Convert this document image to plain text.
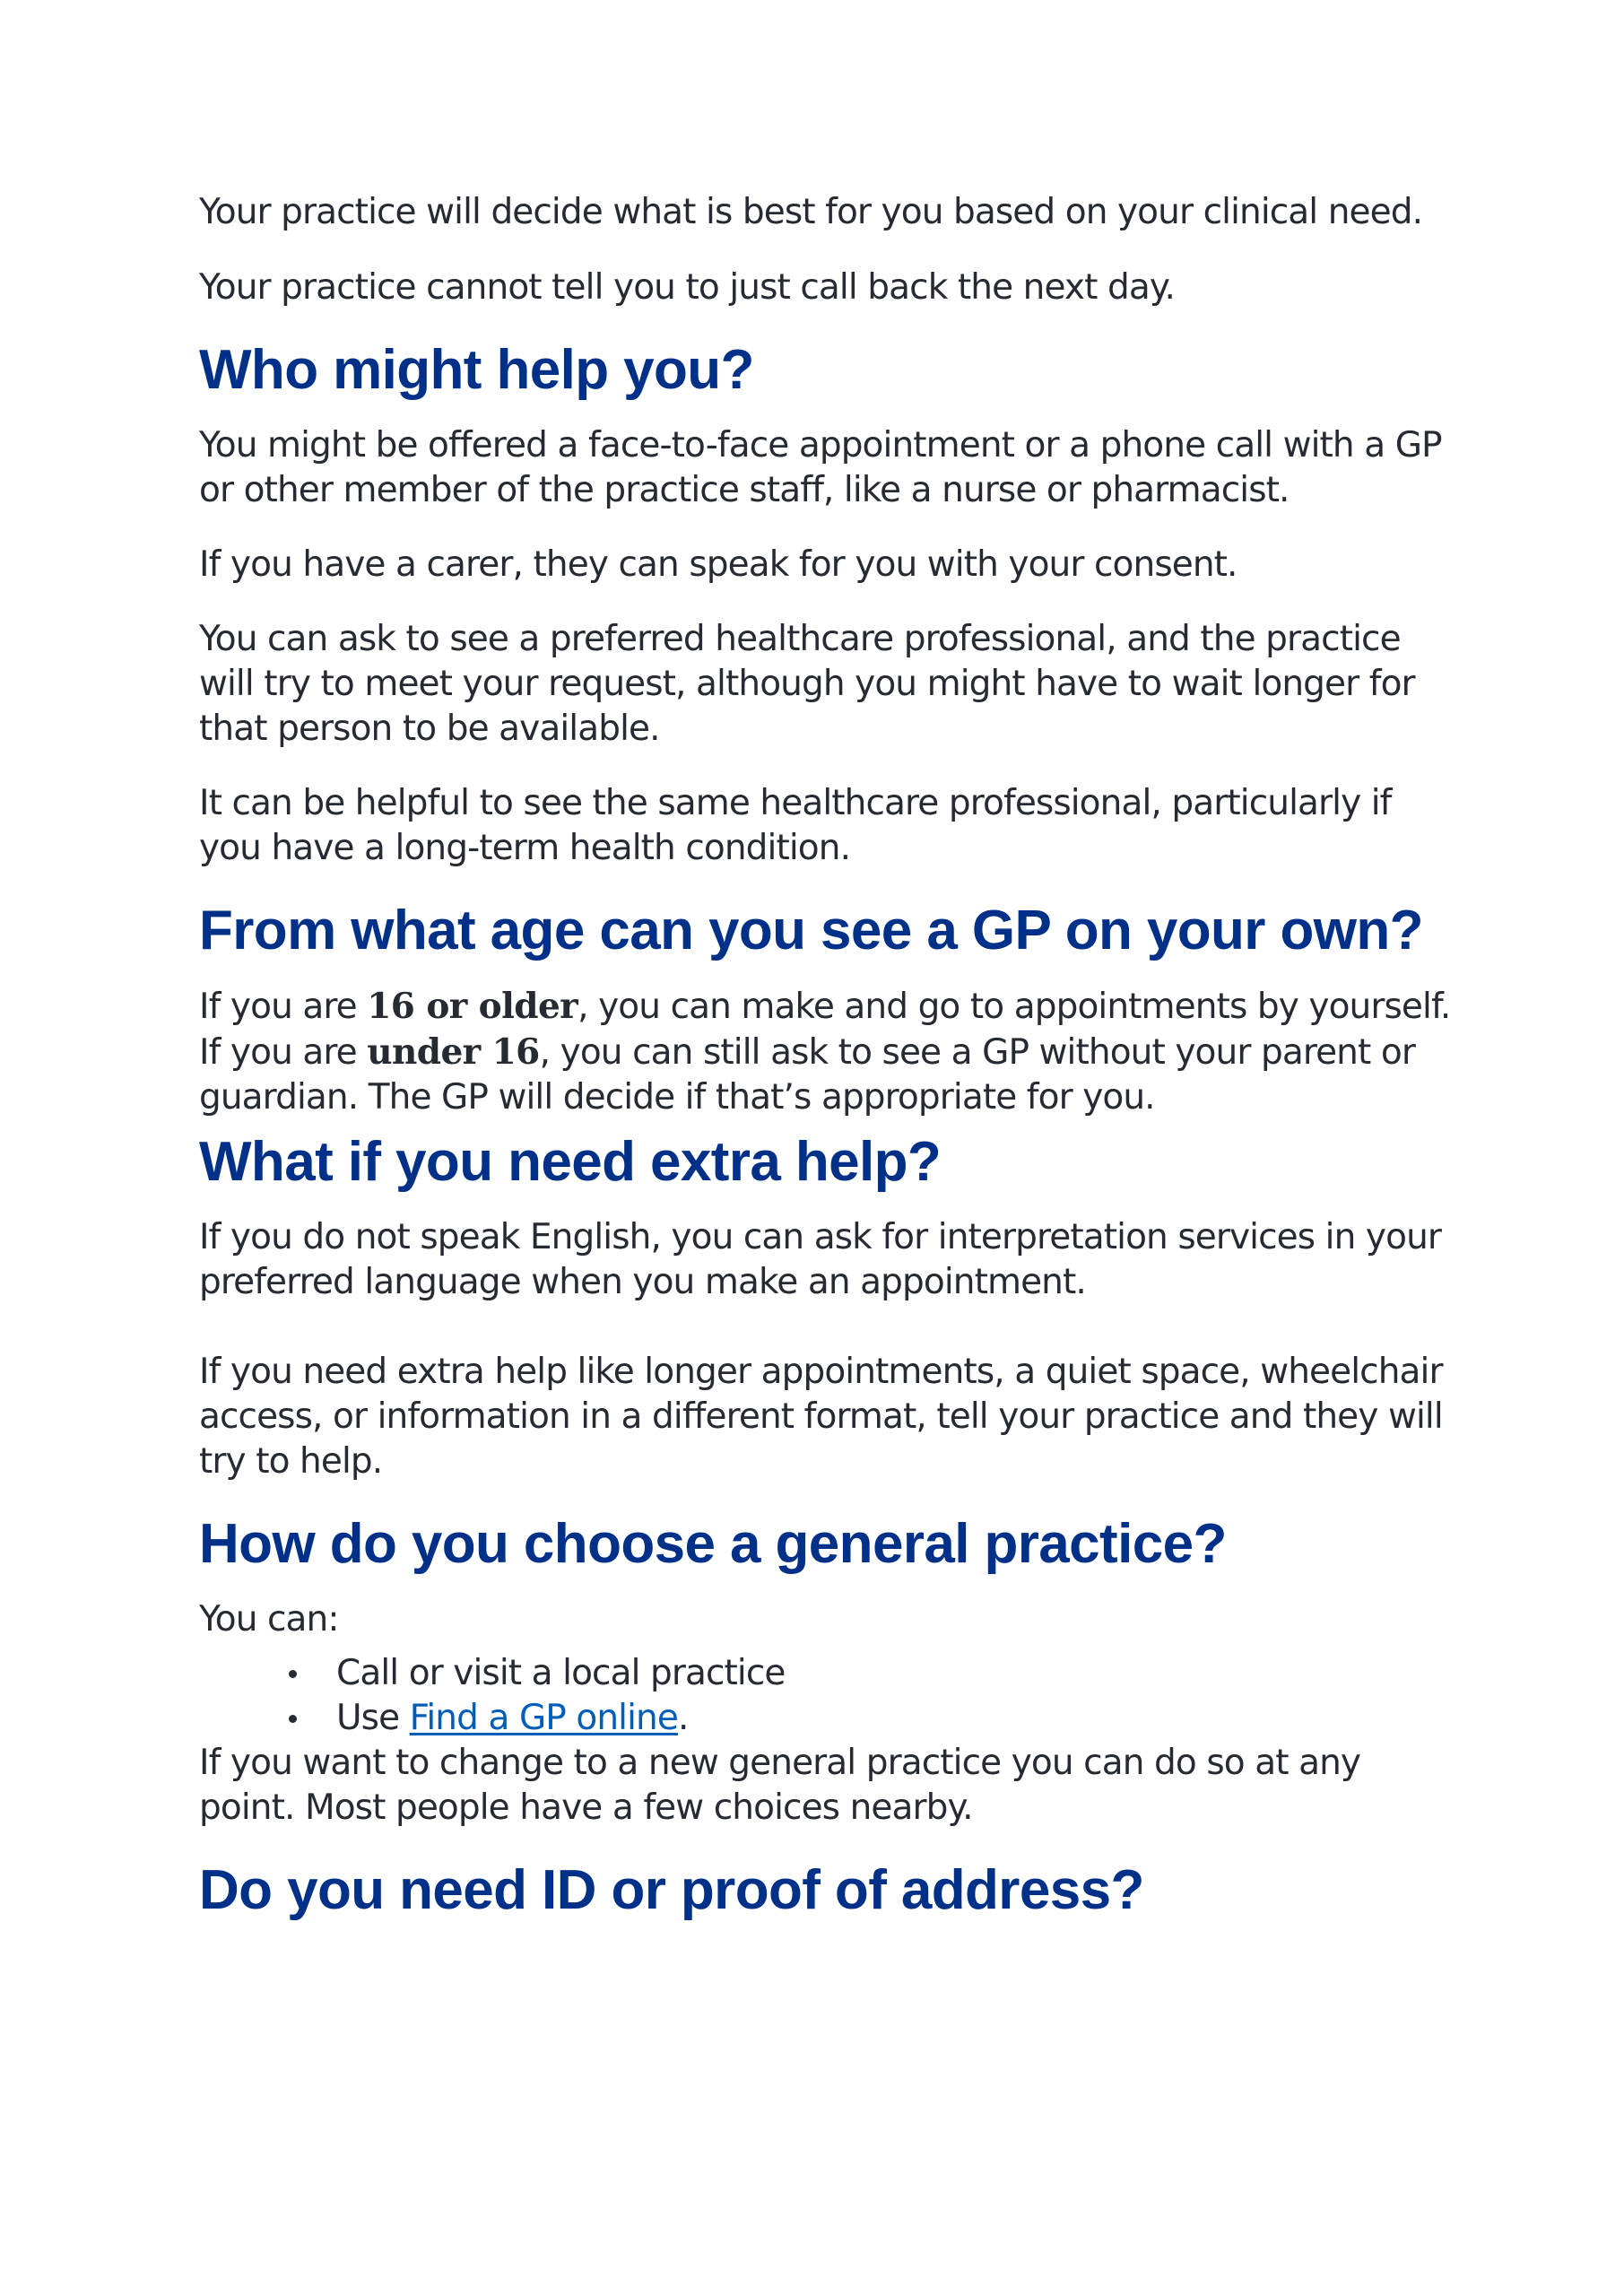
Your practice will decide what is best for you based on your clinical need.

Your practice cannot tell you to just call back the next day.

Who might help you?

You might be offered a face-to-face appointment or a phone call with a GP or other member of the practice staff, like a nurse or pharmacist.

If you have a carer, they can speak for you with your consent.

You can ask to see a preferred healthcare professional, and the practice will try to meet your request, although you might have to wait longer for that person to be available.

It can be helpful to see the same healthcare professional, particularly if you have a long-term health condition.

From what age can you see a GP on your own?

If you are 16 or older, you can make and go to appointments by yourself. If you are under 16, you can still ask to see a GP without your parent or guardian. The GP will decide if that’s appropriate for you.

What if you need extra help?

If you do not speak English, you can ask for interpretation services in your preferred language when you make an appointment.

If you need extra help like longer appointments, a quiet space, wheelchair access, or information in a different format, tell your practice and they will try to help.

How do you choose a general practice?

You can:

Call or visit a local practice
Use Find a GP online.

If you want to change to a new general practice you can do so at any point. Most people have a few choices nearby.

Do you need ID or proof of address?
